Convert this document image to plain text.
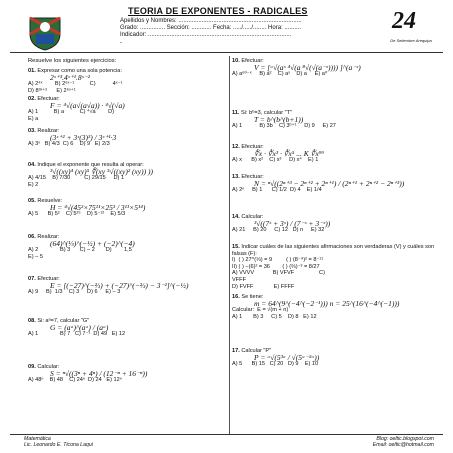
TEORIA DE EXPONENTES - RADICALES
Apellidos y Nombres: ..........................................................................
Grado: ............... Sección: ............ Fecha: ...../...../........ Hora: ..........
Indicador: ......................................................................................
-
24
De Setiembre Arequipa
Resuelve los siguientes ejercicios:
01. Expresar como una sola potencia:
2ˣ⁺³.4ˣ⁺¹.8ˣ⁻²
A) 2⁴ˣ        B) 2⁶ˣ⁻¹          C)           4ˣ⁻¹
D) 8³ˣ⁺²      E) 2⁶ˣ⁺¹
02. Efectuar:
F = ⁴√(a√(a√a)) · ⁴√(√a)
A) 1          B) a          C) ⁴√a        D)
E) a
03. Realizar:
(3ˣ⁺² + 3ˣ(3)³) / 3ˣ⁺¹·3
A) 3ˣ   B) 4/3  C) 6    D) 9   E) 2/3
04. Indique el exponente que resulta al operar:
³√((xy)⁴ (xy)⁵ ∜(xy ⁵√((xy)² (xy)) ))
A) 4/15    B) 7/30         C) 29/15     D) 1
E) 2
05. Resuelve:
H = ⁴√(45²×75¹¹×25³ / 3¹¹×5¹⁴)
A) 5      B) 5²    C) 5²⁵    D) 5⁻¹²    E) 5/3
06. Realizar:
(64)^(⅓)^(−½) + (−2)^(−4)
A) 2              B) 3      C) – 2       D)        1,5
E) – 5
07. Efectuar:
E = [(−27)^(−⅔) + (−27)^(−⅔) − 3⁻²]^(−½)
A) 9     B)  1/3    C) 3     D) 6     E) – 3
08. Si: aᵃ=7, calcular "G"
G = (aᵃ)^(aᵃ) / (aᵃ)
A) 1              B) 7   C) 7⁻¹  D) 49   E) 12
09. Calcular:
S = ⁿ√((3ⁿ + 4ⁿ) / (12⁻ⁿ + 16⁻ⁿ))
A) 48ⁿ    B) 48    C) 24ⁿ  D) 24   E) 12ⁿ
10. Efectuar:
V = [ᵃ√(aˣ ⁴√(a ⁸√(√(a⁻ˣ)))) ]^(a⁻ˣ)
A) a⁶⁰⁻ˣ     B) a²    C) aˣ    D) a     E) a⁰
11. Si: bᵇ=3, calcular "T"
T = b^(b^(b+1))
A) 1           B) 3b    C) 3ᵇ⁺¹     D) 9     E) 27
12. Efectuar:
∜x · ∜x³ · ∜x⁵ ... K ∜x⁹⁹
A) x      B) x²    C) x³     D) x⁴    E) 1
13. Efectuar:
N = ⁿ√((2ⁿ⁺³ − 2ⁿ⁺² + 2ⁿ⁺¹) / (2ⁿ⁺¹ + 2ⁿ⁺² − 2ⁿ⁺³))
A) 2ⁿ     B) 1      C) 1/2  D) 4    E) 1/4
14. Calcular:
³√((7ˣ + 3ˣ) / (7⁻ˣ + 3⁻ˣ))
A) 21     B) 20     C) 12   D) n     E) 32
15. Indicar cuáles de las siguientes afirmaciones son verdaderas (V) y cuáles son falsas (F):
I)  ( ) 27^(⅓) = 9         ( ) (8⁻⁹)² = 8⁻¹¹
II) ( ) −(6)² = 36        ( ) (⅔)⁻³ = 8/27
A) VVVV            B) VFVF                C)
VFFF
D) FVFF             E) FFFF
16. Se tiene:
m = 64^(9^(−4^(−2⁻¹))) n = 25^(16^(−4^(−1)))
Calcular:  E = √(m + n)
A) 1       B) 3     C) 5    D) 8   E) 12
17. Calcular "P"
P = ᵃ√(5³ᵃ / √(5ᵃ⁻²ᵃ))
A) 5      B) 15   C) 20   D) 9    E) 10
Matemática
Lic. Leonardo E. Ticona Laqui
Blog: oeltic.blogspot.com
Email: oeltic@hotmail.com
